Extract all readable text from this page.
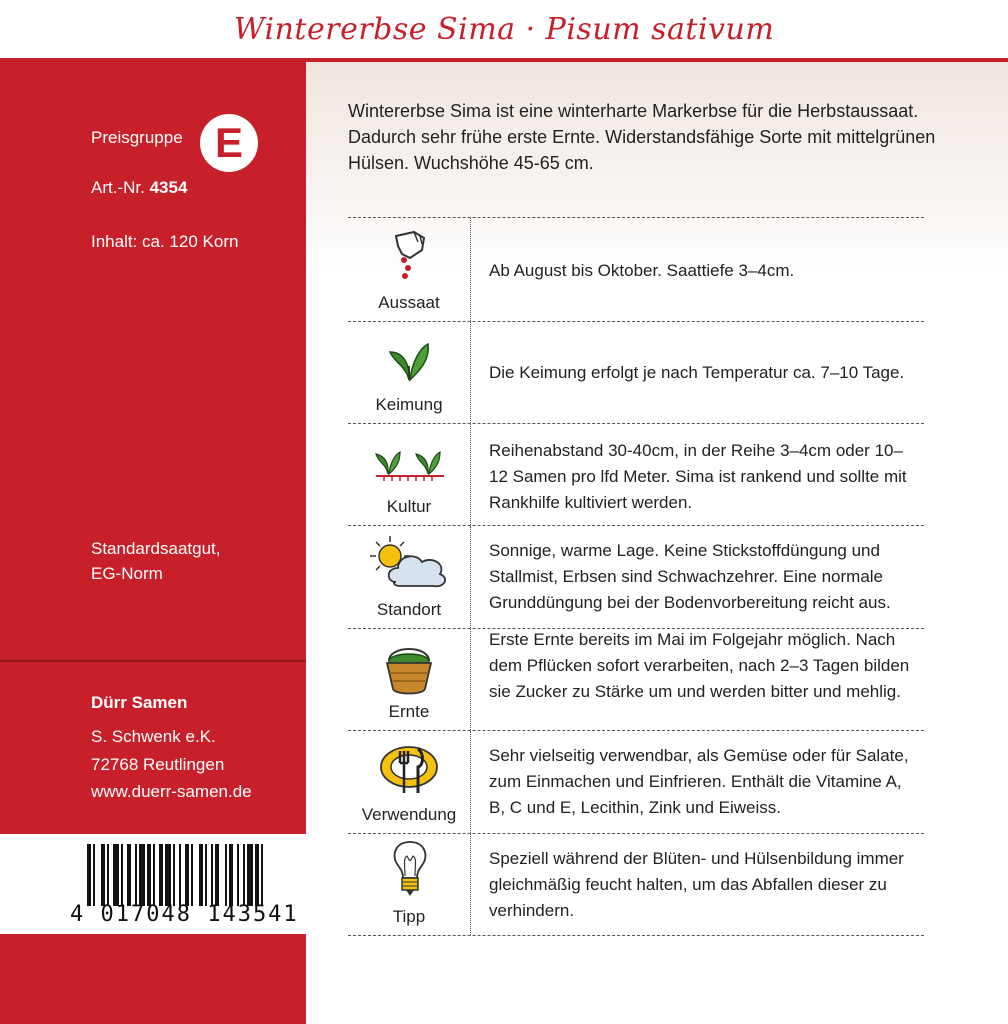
Wintererbse Sima · Pisum sativum
Preisgruppe E
Art.-Nr. 4354
Inhalt: ca. 120 Korn
Standardsaatgut,
EG-Norm
Dürr Samen
S. Schwenk e.K.
72768 Reutlingen
www.duerr-samen.de
4 017048 143541
Wintererbse Sima ist eine winterharte Markerbse für die Herbstaussaat. Dadurch sehr frühe erste Ernte. Widerstandsfähige Sorte mit mittelgrünen Hülsen. Wuchshöhe 45-65 cm.
Aussaat
Ab August bis Oktober. Saattiefe 3–4cm.
Keimung
Die Keimung erfolgt je nach Temperatur ca. 7–10 Tage.
Kultur
Reihenabstand 30-40cm, in der Reihe 3–4cm oder 10–12 Samen pro lfd Meter. Sima ist rankend und sollte mit Rankhilfe kultiviert werden.
Standort
Sonnige, warme Lage. Keine Stickstoffdüngung und Stallmist, Erbsen sind Schwachzehrer. Eine normale Grunddüngung bei der Bodenvorbereitung reicht aus.
Ernte
Erste Ernte bereits im Mai im Folgejahr möglich. Nach dem Pflücken sofort verarbeiten, nach 2–3 Tagen bilden sie Zucker zu Stärke um und werden bitter und mehlig.
Verwendung
Sehr vielseitig verwendbar, als Gemüse oder für Salate, zum Einmachen und Einfrieren. Enthält die Vitamine A, B, C und E, Lecithin, Zink und Eiweiss.
Tipp
Speziell während der Blüten- und Hülsenbildung immer gleichmäßig feucht halten, um das Abfallen dieser zu verhindern.
